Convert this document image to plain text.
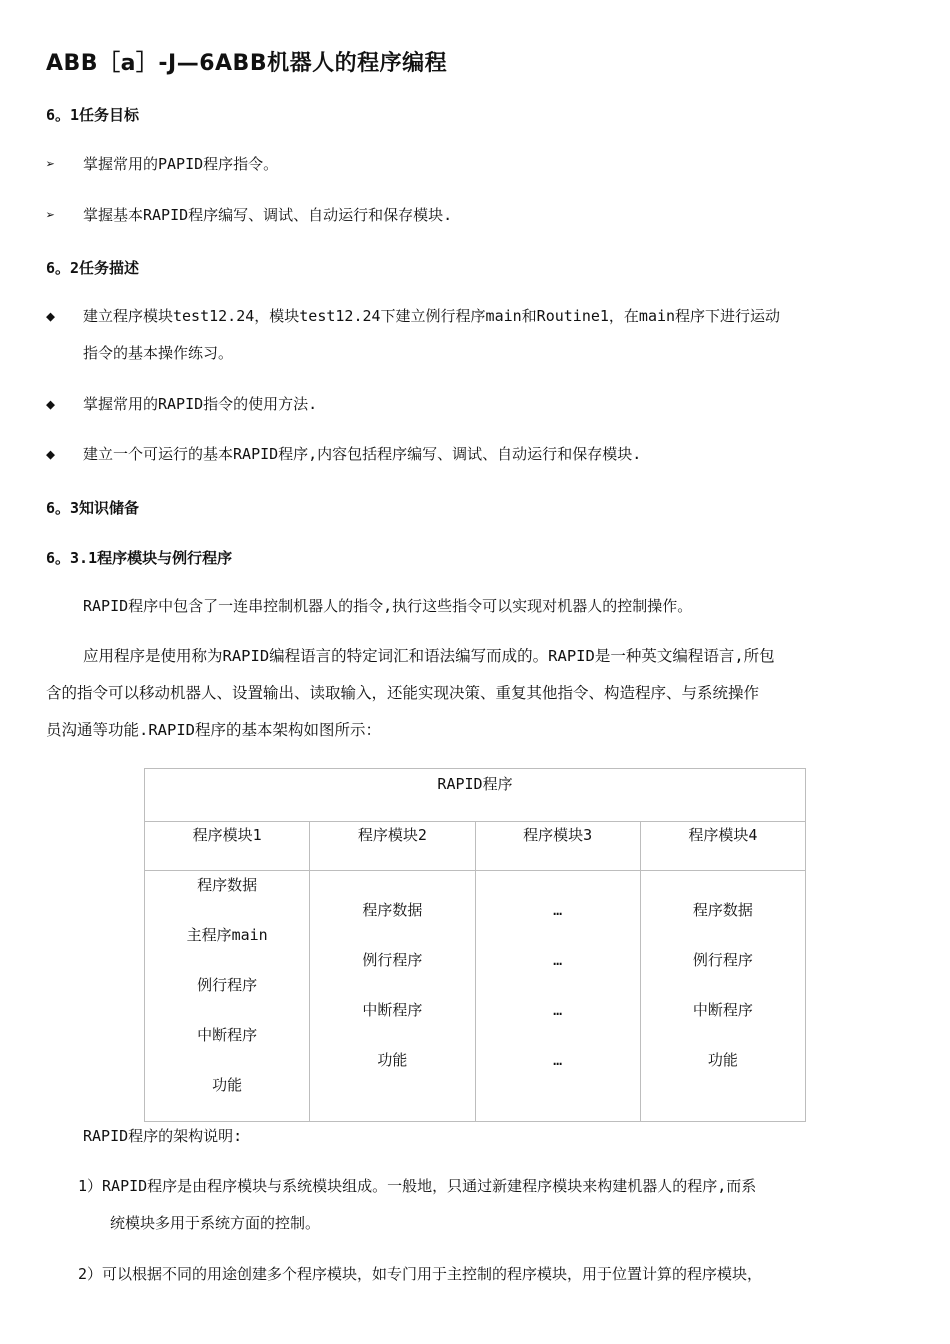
ABB［a］-J—6ABB机器人的程序编程
6。1任务目标
➢ 掌握常用的PAPID程序指令。
➢ 掌握基本RAPID程序编写、调试、自动运行和保存模块.
6。2任务描述
◆ 建立程序模块test12.24，模块test12.24下建立例行程序main和Routine1，在main程序下进行运动
指令的基本操作练习。
◆ 掌握常用的RAPID指令的使用方法.
◆ 建立一个可运行的基本RAPID程序,内容包括程序编写、调试、自动运行和保存模块.
6。3知识储备
6。3.1程序模块与例行程序
RAPID程序中包含了一连串控制机器人的指令,执行这些指令可以实现对机器人的控制操作。
应用程序是使用称为RAPID编程语言的特定词汇和语法编写而成的。RAPID是一种英文编程语言,所包
含的指令可以移动机器人、设置输出、读取输入，还能实现决策、重复其他指令、构造程序、与系统操作
员沟通等功能.RAPID程序的基本架构如图所示：
RAPID程序			

程序模块1	程序模块2	程序模块3	程序模块4

程序数据
主程序main
例行程序
中断程序
功能	程序数据
例行程序
中断程序
功能	…
…
…
…	程序数据
例行程序
中断程序
功能
RAPID程序的架构说明:
1）RAPID程序是由程序模块与系统模块组成。一般地，只通过新建程序模块来构建机器人的程序,而系
统模块多用于系统方面的控制。
2）可以根据不同的用途创建多个程序模块，如专门用于主控制的程序模块，用于位置计算的程序模块，
